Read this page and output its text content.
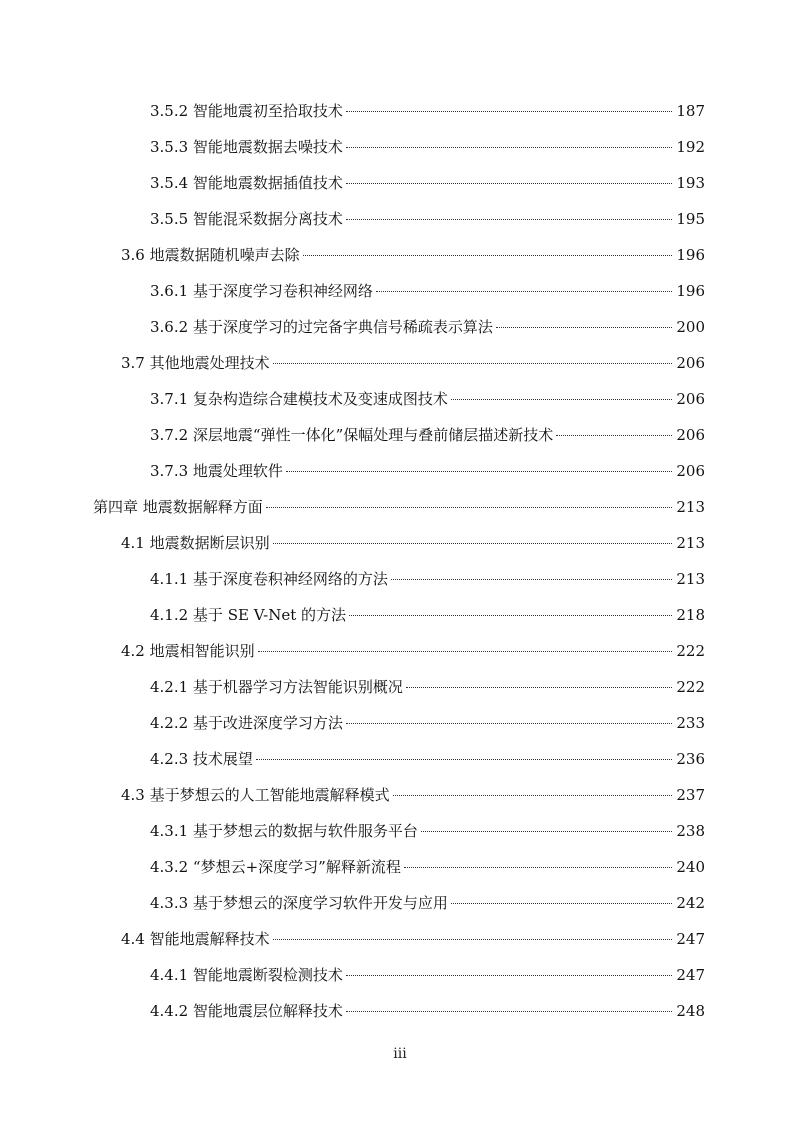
3.5.2 智能地震初至拾取技术	187
3.5.3 智能地震数据去噪技术	192
3.5.4 智能地震数据插值技术	193
3.5.5 智能混采数据分离技术	195
3.6 地震数据随机噪声去除	196
3.6.1 基于深度学习卷积神经网络	196
3.6.2 基于深度学习的过完备字典信号稀疏表示算法	200
3.7 其他地震处理技术	206
3.7.1 复杂构造综合建模技术及变速成图技术	206
3.7.2 深层地震“弹性一体化”保幅处理与叠前储层描述新技术	206
3.7.3 地震处理软件	206
第四章 地震数据解释方面	213
4.1 地震数据断层识别	213
4.1.1 基于深度卷积神经网络的方法	213
4.1.2 基于 SE V-Net 的方法	218
4.2 地震相智能识别	222
4.2.1 基于机器学习方法智能识别概况	222
4.2.2 基于改进深度学习方法	233
4.2.3 技术展望	236
4.3 基于梦想云的人工智能地震解释模式	237
4.3.1 基于梦想云的数据与软件服务平台	238
4.3.2 “梦想云+深度学习”解释新流程	240
4.3.3 基于梦想云的深度学习软件开发与应用	242
4.4 智能地震解释技术	247
4.4.1 智能地震断裂检测技术	247
4.4.2 智能地震层位解释技术	248
iii
